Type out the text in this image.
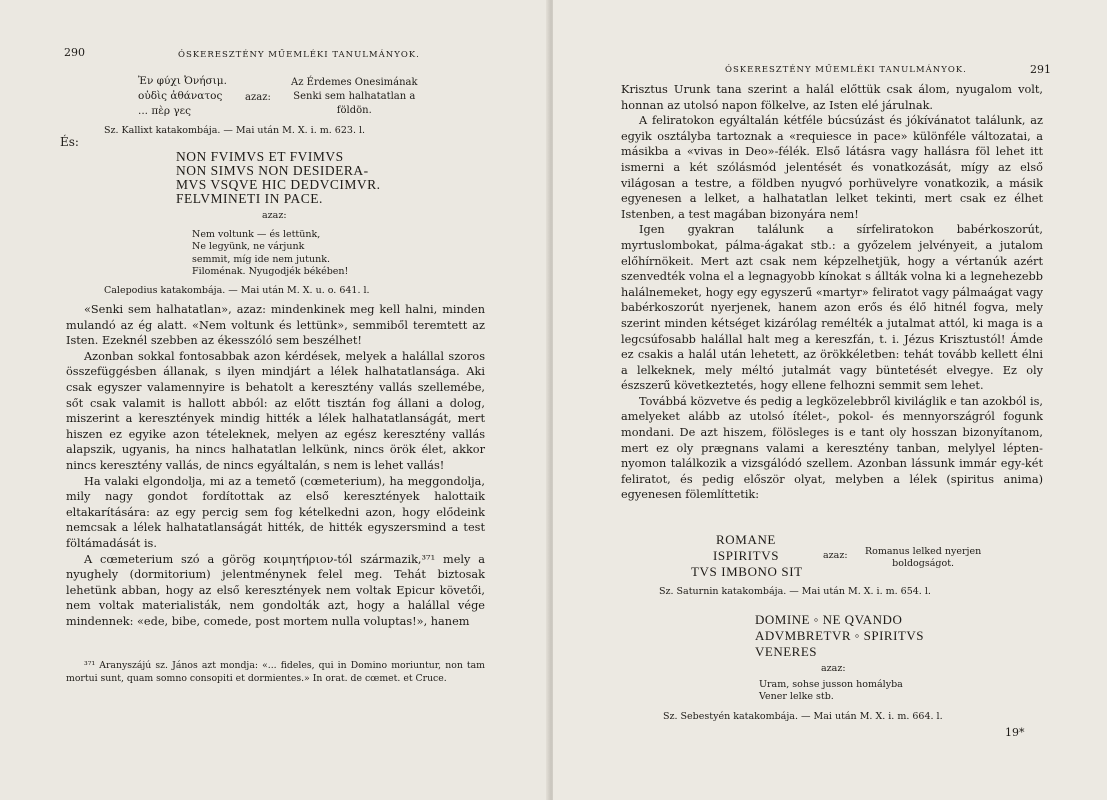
290	ÓSKERESZTÉNY MŰEMLÉKI TANULMÁNYOK.
Ἐν φύχι Ὀνήσιμ.
οὐδὶς ἀθάνατος
... πὲρ γες
azaz:
Az Érdemes Onesimának
Senki sem halhatatlan a
földön.
Sz. Kallixt katakombája. — Mai után M. X. i. m. 623. l.
És:
NON FVIMVS ET FVIMVS
NON SIMVS NON DESIDERA-
MVS VSQVE HIC DEDVCIMVR.
FELVMINETI IN PACE.
azaz:
Nem voltunk — és lettünk,
Ne legyünk, ne várjunk
semmit, míg ide nem jutunk.
Filoménak. Nyugodjék békében!
Calepodius katakombája. — Mai után M. X. u. o. 641. l.

«Senki sem halhatatlan», azaz: mindenkinek meg kell halni, minden mulandó az ég alatt. «Nem voltunk és lettünk», semmiből teremtett az Isten. Ezeknél szebben az ékesszóló sem beszélhet!

Azonban sokkal fontosabbak azon kérdések, melyek a halállal szoros összefüggésben állanak, s ilyen mindjárt a lélek halhatatlansága. Aki csak egyszer valamennyire is behatolt a keresztény vallás szellemébe, sőt csak valamit is hallott abból: az előtt tisztán fog állani a dolog, miszerint a keresztények mindig hitték a lélek halhatatlanságát, mert hiszen ez egyike azon tételeknek, melyen az egész keresztény vallás alapszik, ugyanis, ha nincs halhatatlan lelkünk, nincs örök élet, akkor nincs keresztény vallás, de nincs egyáltalán, s nem is lehet vallás!

Ha valaki elgondolja, mi az a temető (cœmeterium), ha meggondolja, mily nagy gondot fordítottak az első keresztények halottaik eltakarítására: az egy percig sem fog kételkedni azon, hogy elődeink nemcsak a lélek halhatatlanságát hitték, de hitték egyszersmind a test föltámadását is.

A cœmeterium szó a görög κοιμητήριον-tól származik,³⁷¹ mely a nyughely (dormitorium) jelentménynek felel meg. Tehát biztosak lehetünk abban, hogy az első keresztények nem voltak Epicur követői, nem voltak materialisták, nem gondolták azt, hogy a halállal vége mindennek: «ede, bibe, comede, post mortem nulla voluptas!», hanem

³⁷¹ Aranyszájú sz. János azt mondja: «... fideles, qui in Domino moriuntur, non tam mortui sunt, quam somno consopiti et dormientes.» In orat. de cœmet. et Cruce.

ÓSKERESZTÉNY MŰEMLÉKI TANULMÁNYOK.	291

Krisztus Urunk tana szerint a halál előttük csak álom, nyugalom volt, honnan az utolsó napon fölkelve, az Isten elé járulnak.

A feliratokon egyáltalán kétféle búcsúzást és jókívánatot találunk, az egyik osztályba tartoznak a «requiesce in pace» különféle változatai, a másikba a «vivas in Deo»-félék. Első látásra vagy hallásra föl lehet itt ismerni a két szólásmód jelentését és vonatkozását, mígy az első világosan a testre, a földben nyugvó porhüvelyre vonatkozik, a másik egyenesen a lelket, a halhatatlan lelket tekinti, mert csak ez élhet Istenben, a test magában bizonyára nem!

Igen gyakran találunk a sírfeliratokon babérkoszorút, myrtuslombokat, pálma-ágakat stb.: a győzelem jelvényeit, a jutalom előhírnökeit. Mert azt csak nem képzelhetjük, hogy a vértanúk azért szenvedték volna el a legnagyobb kínokat s állták volna ki a legnehezebb halálnemeket, hogy egy egyszerű «martyr» feliratot vagy pálmaágat vagy babérkoszorút nyerjenek, hanem azon erős és élő hitnél fogva, mely szerint minden kétséget kizárólag remélték a jutalmat attól, ki maga is a legcsúfosabb halállal halt meg a kereszfán, t. i. Jézus Krisztustól! Ámde ez csakis a halál után lehetett, az örökkéletben: tehát tovább kellett élni a lelkeknek, mely méltó jutalmát vagy büntetését elvegye. Ez oly észszerű következtetés, hogy ellene felhozni semmit sem lehet.

Továbbá közvetve és pedig a legközelebbről kiviláglik e tan azokból is, amelyeket alább az utolsó ítélet-, pokol- és mennyországról fogunk mondani. De azt hiszem, fölösleges is e tant oly hosszan bizonyítanom, mert ez oly prægnans valami a keresztény tanban, melylyel lépten-nyomon találkozik a vizsgálódó szellem. Azonban lássunk immár egy-két feliratot, és pedig először olyat, melyben a lélek (spiritus anima) egyenesen fölemlíttetik:

ROMANE
ISPIRITVS
TVS IMBONO SIT
azaz: Romanus lelked nyerjen
boldogságot.
Sz. Saturnin katakombája. — Mai után M. X. i. m. 654. l.
DOMINE ◦ NE QVANDO
ADVMBRETVR ◦ SPIRITVS
VENERES
azaz:
Uram, sohse jusson homályba
Vener lelke stb.
Sz. Sebestyén katakombája. — Mai után M. X. i. m. 664. l.
19*
